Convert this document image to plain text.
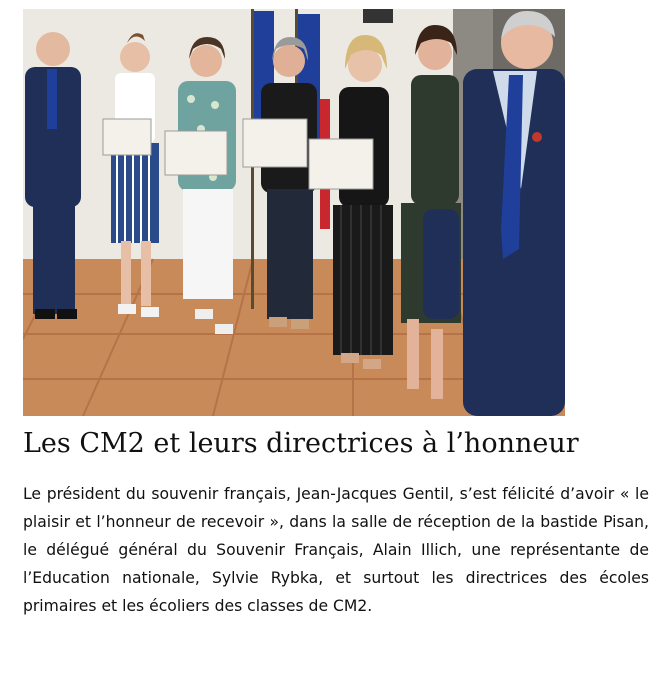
Les CM2 et leurs directrices à l’honneur

Le président du souvenir français, Jean-Jacques Gentil, s’est félicité d’avoir « le plaisir et l’honneur de recevoir », dans la salle de réception de la bastide Pisan, le délégué général du Souvenir Français, Alain Illich, une représentante de l’Education nationale, Sylvie Rybka, et surtout les directrices des écoles primaires et les écoliers des classes de CM2.
